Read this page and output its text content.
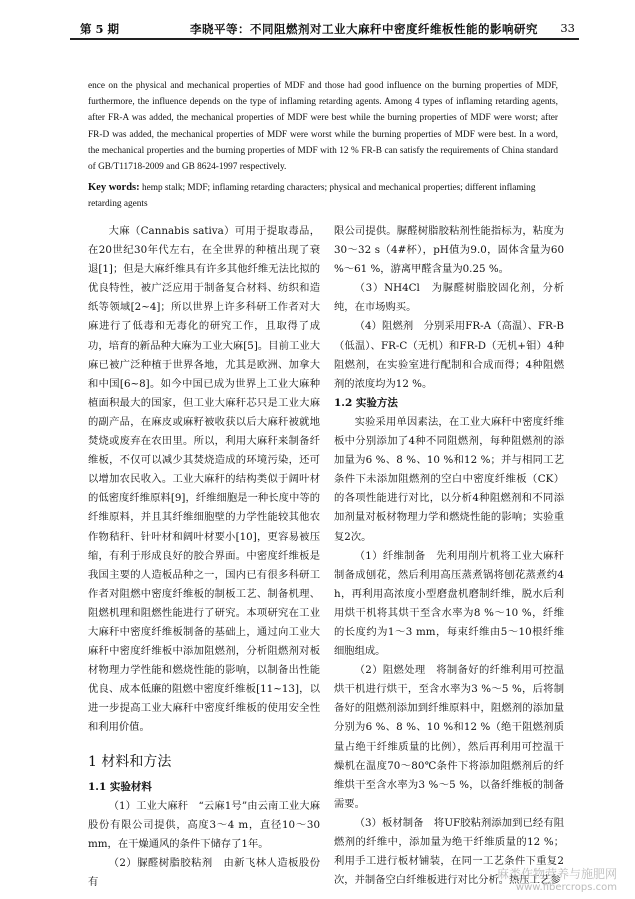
第 5 期	李晓平等：不同阻燃剂对工业大麻秆中密度纤维板性能的影响研究 33
ence on the physical and mechanical properties of MDF and those had good influence on the burning properties of MDF, furthermore, the influence depends on the type of inflaming retarding agents. Among 4 types of inflaming retarding agents, after FR-A was added, the mechanical properties of MDF were best while the burning properties of MDF were worst; after FR-D was added, the mechanical properties of MDF were worst while the burning properties of MDF were best. In a word, the mechanical properties and the burning properties of MDF with 12 % FR-B can satisfy the requirements of China standard of GB/T11718-2009 and GB 8624-1997 respectively.
Key words: hemp stalk; MDF; inflaming retarding characters; physical and mechanical properties; different inflaming retarding agents

大麻（Cannabis sativa）可用于提取毒品，在20世纪30年代左右，在全世界的种植出现了衰退[1]；但是大麻纤维具有许多其他纤维无法比拟的优良特性，被广泛应用于制备复合材料、纺织和造纸等领域[2~4]；所以世界上许多科研工作者对大麻进行了低毒和无毒化的研究工作，且取得了成功，培育的新品种大麻为工业大麻[5]。目前工业大麻已被广泛种植于世界各地，尤其是欧洲、加拿大和中国[6~8]。如今中国已成为世界上工业大麻种植面积最大的国家，但工业大麻秆芯只是工业大麻的副产品，在麻皮或麻籽被收获以后大麻秆被就地焚烧或废弃在农田里。所以，利用大麻秆来制备纤维板，不仅可以减少其焚烧造成的环境污染，还可以增加农民收入。工业大麻秆的结构类似于阔叶材的低密度纤维原料[9]，纤维细胞是一种长度中等的纤维原料，并且其纤维细胞壁的力学性能较其他农作物秸秆、针叶材和阔叶材要小[10]，更容易被压缩，有利于形成良好的胶合界面。中密度纤维板是我国主要的人造板品种之一，国内已有很多科研工作者对阻燃中密度纤维板的制板工艺、制备机理、阻燃机理和阻燃性能进行了研究。本项研究在工业大麻秆中密度纤维板制备的基础上，通过向工业大麻秆中密度纤维板中添加阻燃剂，分析阻燃剂对板材物理力学性能和燃烧性能的影响，以制备出性能优良、成本低廉的阻燃中密度纤维板[11~13]，以进一步提高工业大麻秆中密度纤维板的使用安全性和利用价值。

1 材料和方法

1.1 实验材料

（1）工业大麻秆　“云麻1号”由云南工业大麻股份有限公司提供，高度3～4 m，直径10～30 mm，在干燥通风的条件下储存了1年。

（2）脲醛树脂胶粘剂　由新飞林人造板股份有

限公司提供。脲醛树脂胶粘剂性能指标为，粘度为30～32 s（4#杯），pH值为9.0，固体含量为60 %～61 %，游离甲醛含量为0.25 %。

（3）NH4Cl　为脲醛树脂胶固化剂，分析纯，在市场购买。

（4）阻燃剂　分别采用FR-A（高温）、FR-B（低温）、FR-C（无机）和FR-D（无机+钼）4种阻燃剂，在实验室进行配制和合成而得；4种阻燃剂的浓度均为12 %。

1.2 实验方法

实验采用单因素法，在工业大麻秆中密度纤维板中分别添加了4种不同阻燃剂，每种阻燃剂的添加量为6 %、8 %、10 %和12 %；并与相同工艺条件下未添加阻燃剂的空白中密度纤维板（CK）的各项性能进行对比，以分析4种阻燃剂和不同添加剂量对板材物理力学和燃烧性能的影响；实验重复2次。

（1）纤维制备　先利用削片机将工业大麻秆制备成刨花，然后利用高压蒸煮锅将刨花蒸煮约4 h，再利用高浓度小型磨盘机磨制纤维，脱水后利用烘干机将其烘干至含水率为8 %～10 %，纤维的长度约为1～3 mm，每束纤维由5～10根纤维细胞组成。

（2）阻燃处理　将制备好的纤维利用可控温烘干机进行烘干，至含水率为3 %～5 %，后将制备好的阻燃剂添加到纤维原料中，阻燃剂的添加量分别为6 %、8 %、10 %和12 %（绝干阻燃剂质量占绝干纤维质量的比例），然后再利用可控温干燥机在温度70～80℃条件下将添加阻燃剂后的纤维烘干至含水率为3 %～5 %，以备纤维板的制备需要。

（3）板材制备　将UF胶粘剂添加到已经有阻燃剂的纤维中，添加量为绝干纤维质量的12 %；利用手工进行板材铺装，在同一工艺条件下重复2次，并制备空白纤维板进行对比分析。热压工艺参

麻类作物营养与施肥网
www.fibercrops.com
